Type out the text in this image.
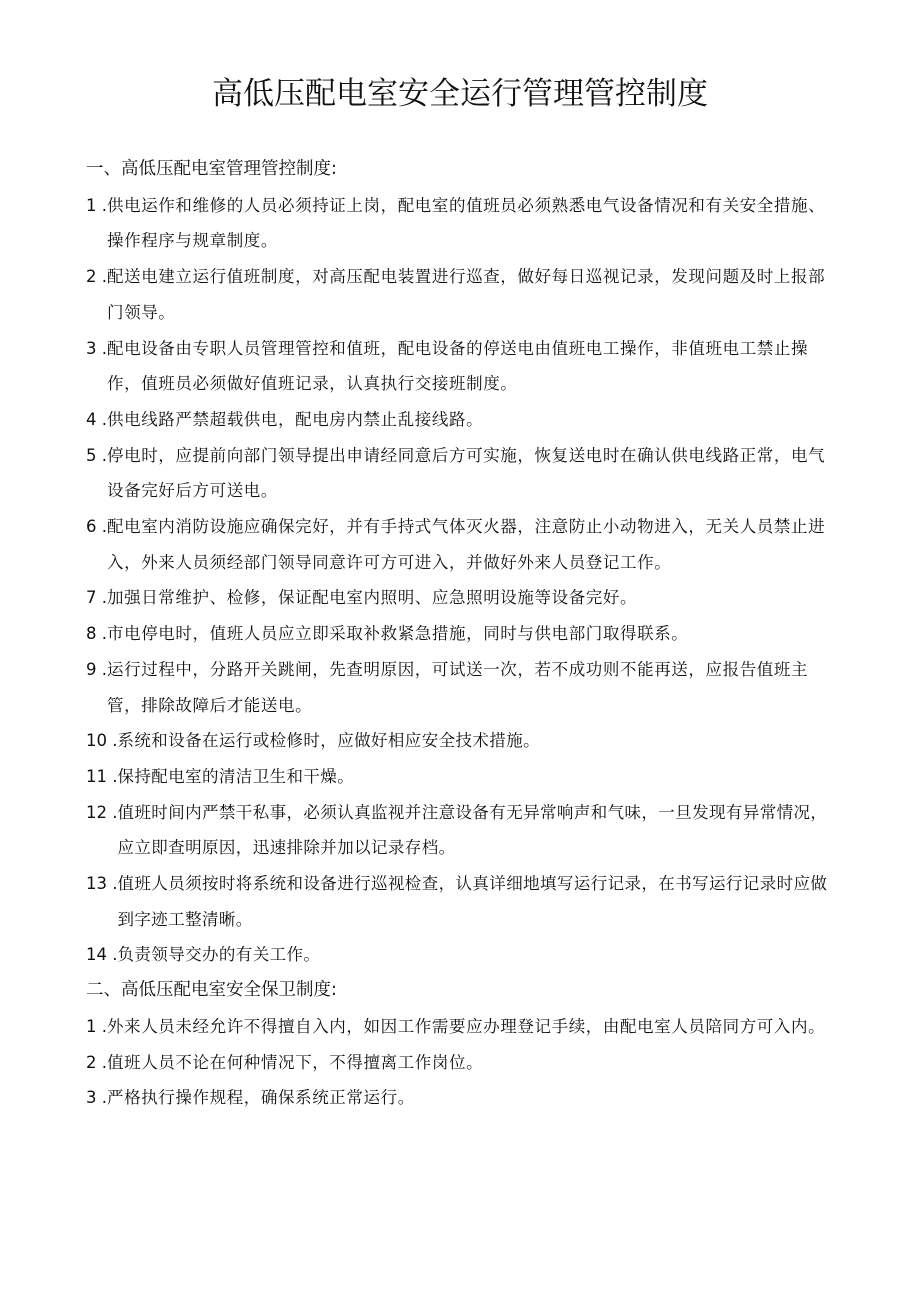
高低压配电室安全运行管理管控制度
一、高低压配电室管理管控制度:
1 . 供电运作和维修的人员必须持证上岗，配电室的值班员必须熟悉电气设备情况和有关安全措施、操作程序与规章制度。
2 . 配送电建立运行值班制度，对高压配电装置进行巡查，做好每日巡视记录，发现问题及时上报部门领导。
3 . 配电设备由专职人员管理管控和值班，配电设备的停送电由值班电工操作，非值班电工禁止操作，值班员必须做好值班记录，认真执行交接班制度。
4 . 供电线路严禁超载供电，配电房内禁止乱接线路。
5 . 停电时，应提前向部门领导提出申请经同意后方可实施，恢复送电时在确认供电线路正常，电气设备完好后方可送电。
6 . 配电室内消防设施应确保完好，并有手持式气体灭火器，注意防止小动物进入，无关人员禁止进入，外来人员须经部门领导同意许可方可进入，并做好外来人员登记工作。
7 . 加强日常维护、检修，保证配电室内照明、应急照明设施等设备完好。
8 . 市电停电时，值班人员应立即采取补救紧急措施，同时与供电部门取得联系。
9 . 运行过程中，分路开关跳闸，先查明原因，可试送一次，若不成功则不能再送，应报告值班主管，排除故障后才能送电。
10 . 系统和设备在运行或检修时，应做好相应安全技术措施。
11 . 保持配电室的清洁卫生和干燥。
12 . 值班时间内严禁干私事，必须认真监视并注意设备有无异常响声和气味，一旦发现有异常情况，应立即查明原因，迅速排除并加以记录存档。
13 . 值班人员须按时将系统和设备进行巡视检查，认真详细地填写运行记录，在书写运行记录时应做到字迹工整清晰。
14 . 负责领导交办的有关工作。
二、高低压配电室安全保卫制度:
1 . 外来人员未经允许不得擅自入内，如因工作需要应办理登记手续，由配电室人员陪同方可入内。
2 . 值班人员不论在何种情况下，不得擅离工作岗位。
3 . 严格执行操作规程，确保系统正常运行。
